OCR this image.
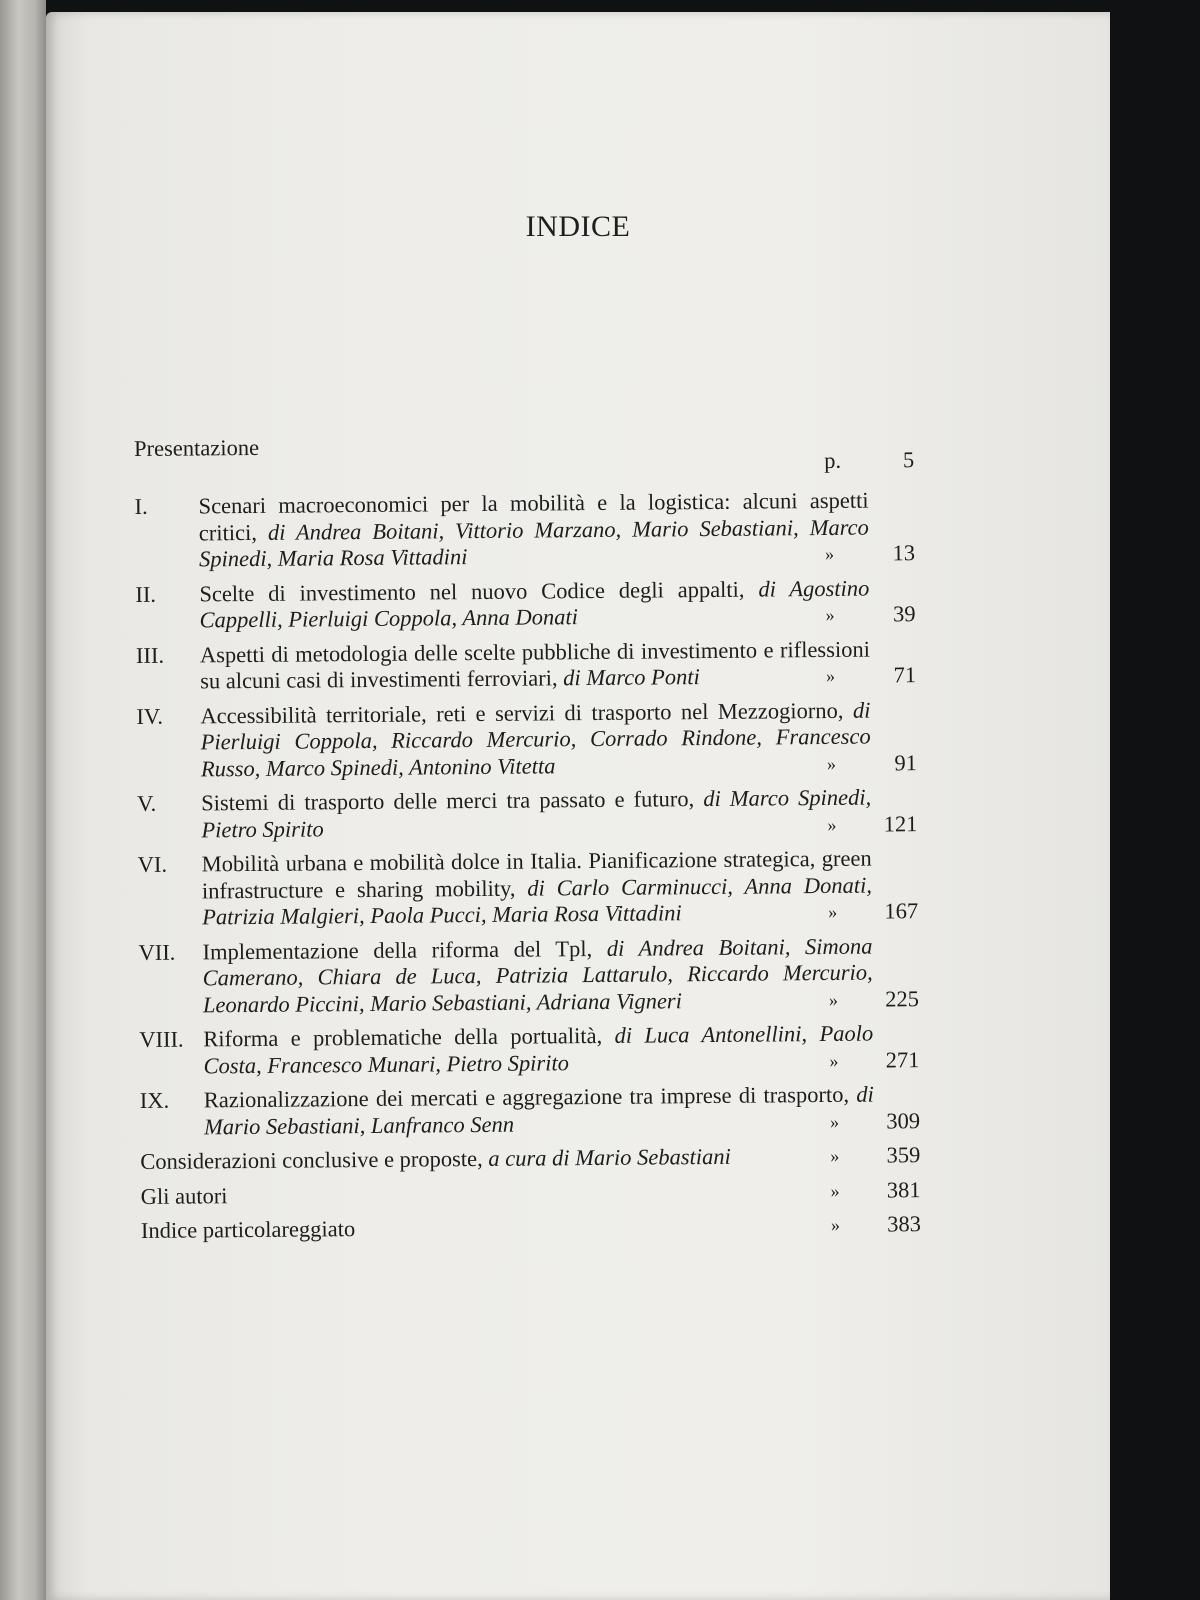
INDICE
Presentazione	p.	5
I.	Scenari macroeconomici per la mobilità e la logistica: alcuni aspetti critici, di Andrea Boitani, Vittorio Marzano, Mario Sebastiani, Marco Spinedi, Maria Rosa Vittadini	»	13
II.	Scelte di investimento nel nuovo Codice degli appalti, di Agostino Cappelli, Pierluigi Coppola, Anna Donati	»	39
III.	Aspetti di metodologia delle scelte pubbliche di investimento e riflessioni su alcuni casi di investimenti ferroviari, di Marco Ponti	»	71
IV.	Accessibilità territoriale, reti e servizi di trasporto nel Mezzogiorno, di Pierluigi Coppola, Riccardo Mercurio, Corrado Rindone, Francesco Russo, Marco Spinedi, Antonino Vitetta	»	91
V.	Sistemi di trasporto delle merci tra passato e futuro, di Marco Spinedi, Pietro Spirito	» 121
VI.	Mobilità urbana e mobilità dolce in Italia. Pianificazione strategica, green infrastructure e sharing mobility, di Carlo Carminucci, Anna Donati, Patrizia Malgieri, Paola Pucci, Maria Rosa Vittadini	» 167
VII.	Implementazione della riforma del Tpl, di Andrea Boitani, Simona Camerano, Chiara de Luca, Patrizia Lattarulo, Riccardo Mercurio, Leonardo Piccini, Mario Sebastiani, Adriana Vigneri	» 225
VIII. Riforma e problematiche della portualità, di Luca Antonellini, Paolo Costa, Francesco Munari, Pietro Spirito	» 271
IX.	Razionalizzazione dei mercati e aggregazione tra imprese di trasporto, di Mario Sebastiani, Lanfranco Senn	» 309
Considerazioni conclusive e proposte, a cura di Mario Sebastiani	» 359
Gli autori	» 381
Indice particolareggiato	» 383
